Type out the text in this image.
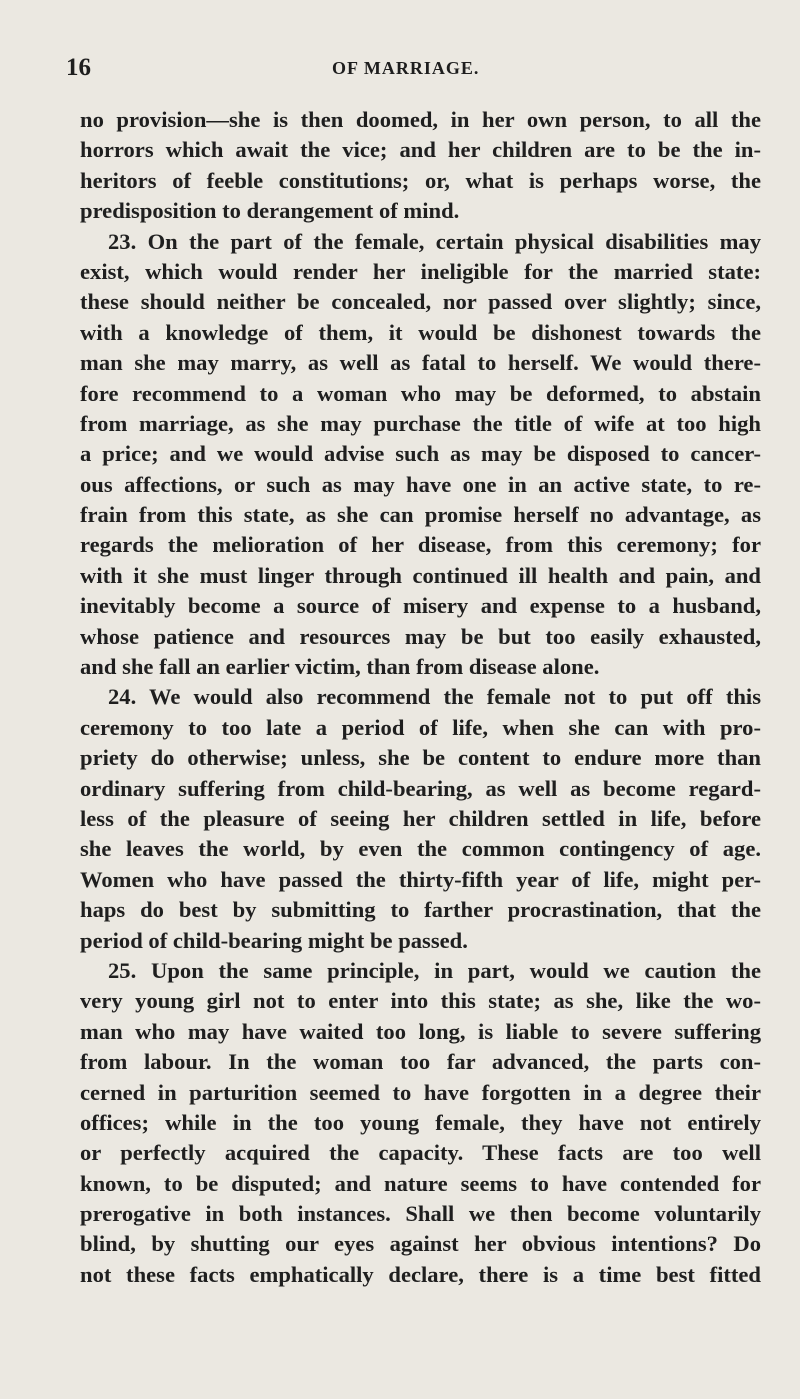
16	OF MARRIAGE.
no provision—she is then doomed, in her own person, to all the
horrors which await the vice; and her children are to be the in-
heritors of feeble constitutions; or, what is perhaps worse, the
predisposition to derangement of mind.
23. On the part of the female, certain physical disabilities may
exist, which would render her ineligible for the married state:
these should neither be concealed, nor passed over slightly; since,
with a knowledge of them, it would be dishonest towards the
man she may marry, as well as fatal to herself. We would there-
fore recommend to a woman who may be deformed, to abstain
from marriage, as she may purchase the title of wife at too high
a price; and we would advise such as may be disposed to cancer-
ous affections, or such as may have one in an active state, to re-
frain from this state, as she can promise herself no advantage, as
regards the melioration of her disease, from this ceremony; for
with it she must linger through continued ill health and pain, and
inevitably become a source of misery and expense to a husband,
whose patience and resources may be but too easily exhausted,
and she fall an earlier victim, than from disease alone.
24. We would also recommend the female not to put off this
ceremony to too late a period of life, when she can with pro-
priety do otherwise; unless, she be content to endure more than
ordinary suffering from child-bearing, as well as become regard-
less of the pleasure of seeing her children settled in life, before
she leaves the world, by even the common contingency of age.
Women who have passed the thirty-fifth year of life, might per-
haps do best by submitting to farther procrastination, that the
period of child-bearing might be passed.
25. Upon the same principle, in part, would we caution the
very young girl not to enter into this state; as she, like the wo-
man who may have waited too long, is liable to severe suffering
from labour. In the woman too far advanced, the parts con-
cerned in parturition seemed to have forgotten in a degree their
offices; while in the too young female, they have not entirely
or perfectly acquired the capacity. These facts are too well
known, to be disputed; and nature seems to have contended for
prerogative in both instances. Shall we then become voluntarily
blind, by shutting our eyes against her obvious intentions? Do
not these facts emphatically declare, there is a time best fitted
